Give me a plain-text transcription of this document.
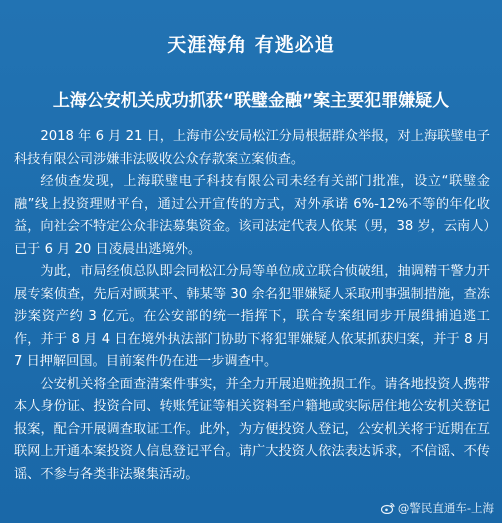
天涯海角 有逃必追
上海公安机关成功抓获“联璧金融”案主要犯罪嫌疑人

2018 年 6 月 21 日，上海市公安局松江分局根据群众举报，对上海联璧电子科技有限公司涉嫌非法吸收公众存款案立案侦查。

经侦查发现，上海联璧电子科技有限公司未经有关部门批准，设立“联璧金融”线上投资理财平台，通过公开宣传的方式，对外承诺 6%-12%不等的年化收益，向社会不特定公众非法募集资金。该司法定代表人依某（男，38 岁，云南人）已于 6 月 20 日凌晨出逃境外。

为此，市局经侦总队即会同松江分局等单位成立联合侦破组，抽调精干警力开展专案侦查，先后对顾某平、韩某等 30 余名犯罪嫌疑人采取刑事强制措施，查冻涉案资产约 3 亿元。在公安部的统一指挥下，联合专案组同步开展缉捕追逃工作，并于 8 月 4 日在境外执法部门协助下将犯罪嫌疑人依某抓获归案，并于 8 月 7 日押解回国。目前案件仍在进一步调查中。

公安机关将全面查清案件事实，并全力开展追赃挽损工作。请各地投资人携带本人身份证、投资合同、转账凭证等相关资料至户籍地或实际居住地公安机关登记报案，配合开展调查取证工作。此外，为方便投资人登记，公安机关将于近期在互联网上开通本案投资人信息登记平台。请广大投资人依法表达诉求，不信谣、不传谣、不参与各类非法聚集活动。

@警民直通车-上海
